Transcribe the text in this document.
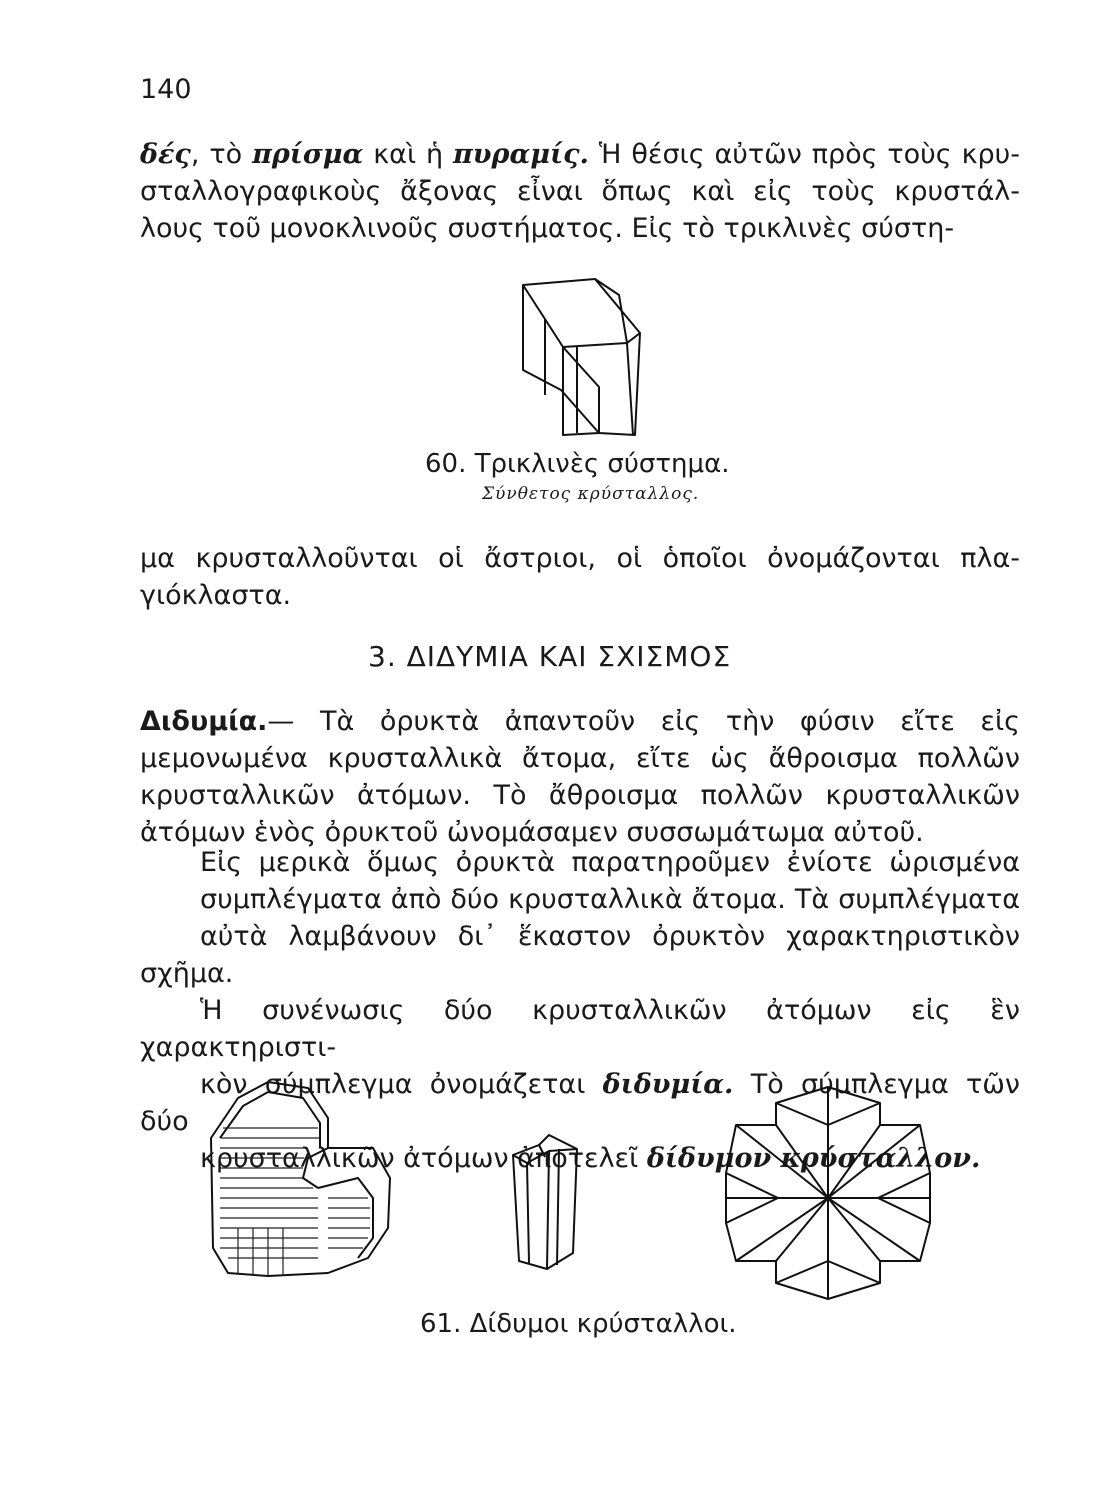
140

δές, τὸ πρίσμα καὶ ἡ πυραμίς. Ἡ θέσις αὐτῶν πρὸς τοὺς κρυ-
σταλλογραφικοὺς ἄξονας εἶναι ὅπως καὶ εἰς τοὺς κρυστάλ-
λους τοῦ μονοκλινοῦς συστήματος. Εἰς τὸ τρικλινὲς σύστη-

60. Τρικλινὲς σύστημα.
Σύνθετος κρύσταλλος.

μα κρυσταλλοῦνται οἱ ἄστριοι, οἱ ὁποῖοι ὀνομάζονται πλα-
γιόκλαστα.

3. ΔΙΔΥΜΙΑ ΚΑΙ ΣΧΙΣΜΟΣ

Διδυμία.— Τὰ ὀρυκτὰ ἀπαντοῦν εἰς τὴν φύσιν εἴτε εἰς
μεμονωμένα κρυσταλλικὰ ἄτομα, εἴτε ὡς ἄθροισμα πολλῶν
κρυσταλλικῶν ἀτόμων. Τὸ ἄθροισμα πολλῶν κρυσταλλικῶν
ἀτόμων ἑνὸς ὀρυκτοῦ ὠνομάσαμεν συσσωμάτωμα αὐτοῦ.

Εἰς μερικὰ ὅμως ὀρυκτὰ παρατηροῦμεν ἐνίοτε ὡρισμένα
συμπλέγματα ἀπὸ δύο κρυσταλλικὰ ἄτομα. Τὰ συμπλέγματα
αὐτὰ λαμβάνουν δι᾿ ἕκαστον ὀρυκτὸν χαρακτηριστικὸν σχῆμα.
Ἡ συνένωσις δύο κρυσταλλικῶν ἀτόμων εἰς ἓν χαρακτηριστι-
κὸν σύμπλεγμα ὀνομάζεται διδυμία. Τὸ σύμπλεγμα τῶν δύο
κρυσταλλικῶν ἀτόμων ἀποτελεῖ δίδυμον κρύσταλλον.

61. Δίδυμοι κρύσταλλοι.
